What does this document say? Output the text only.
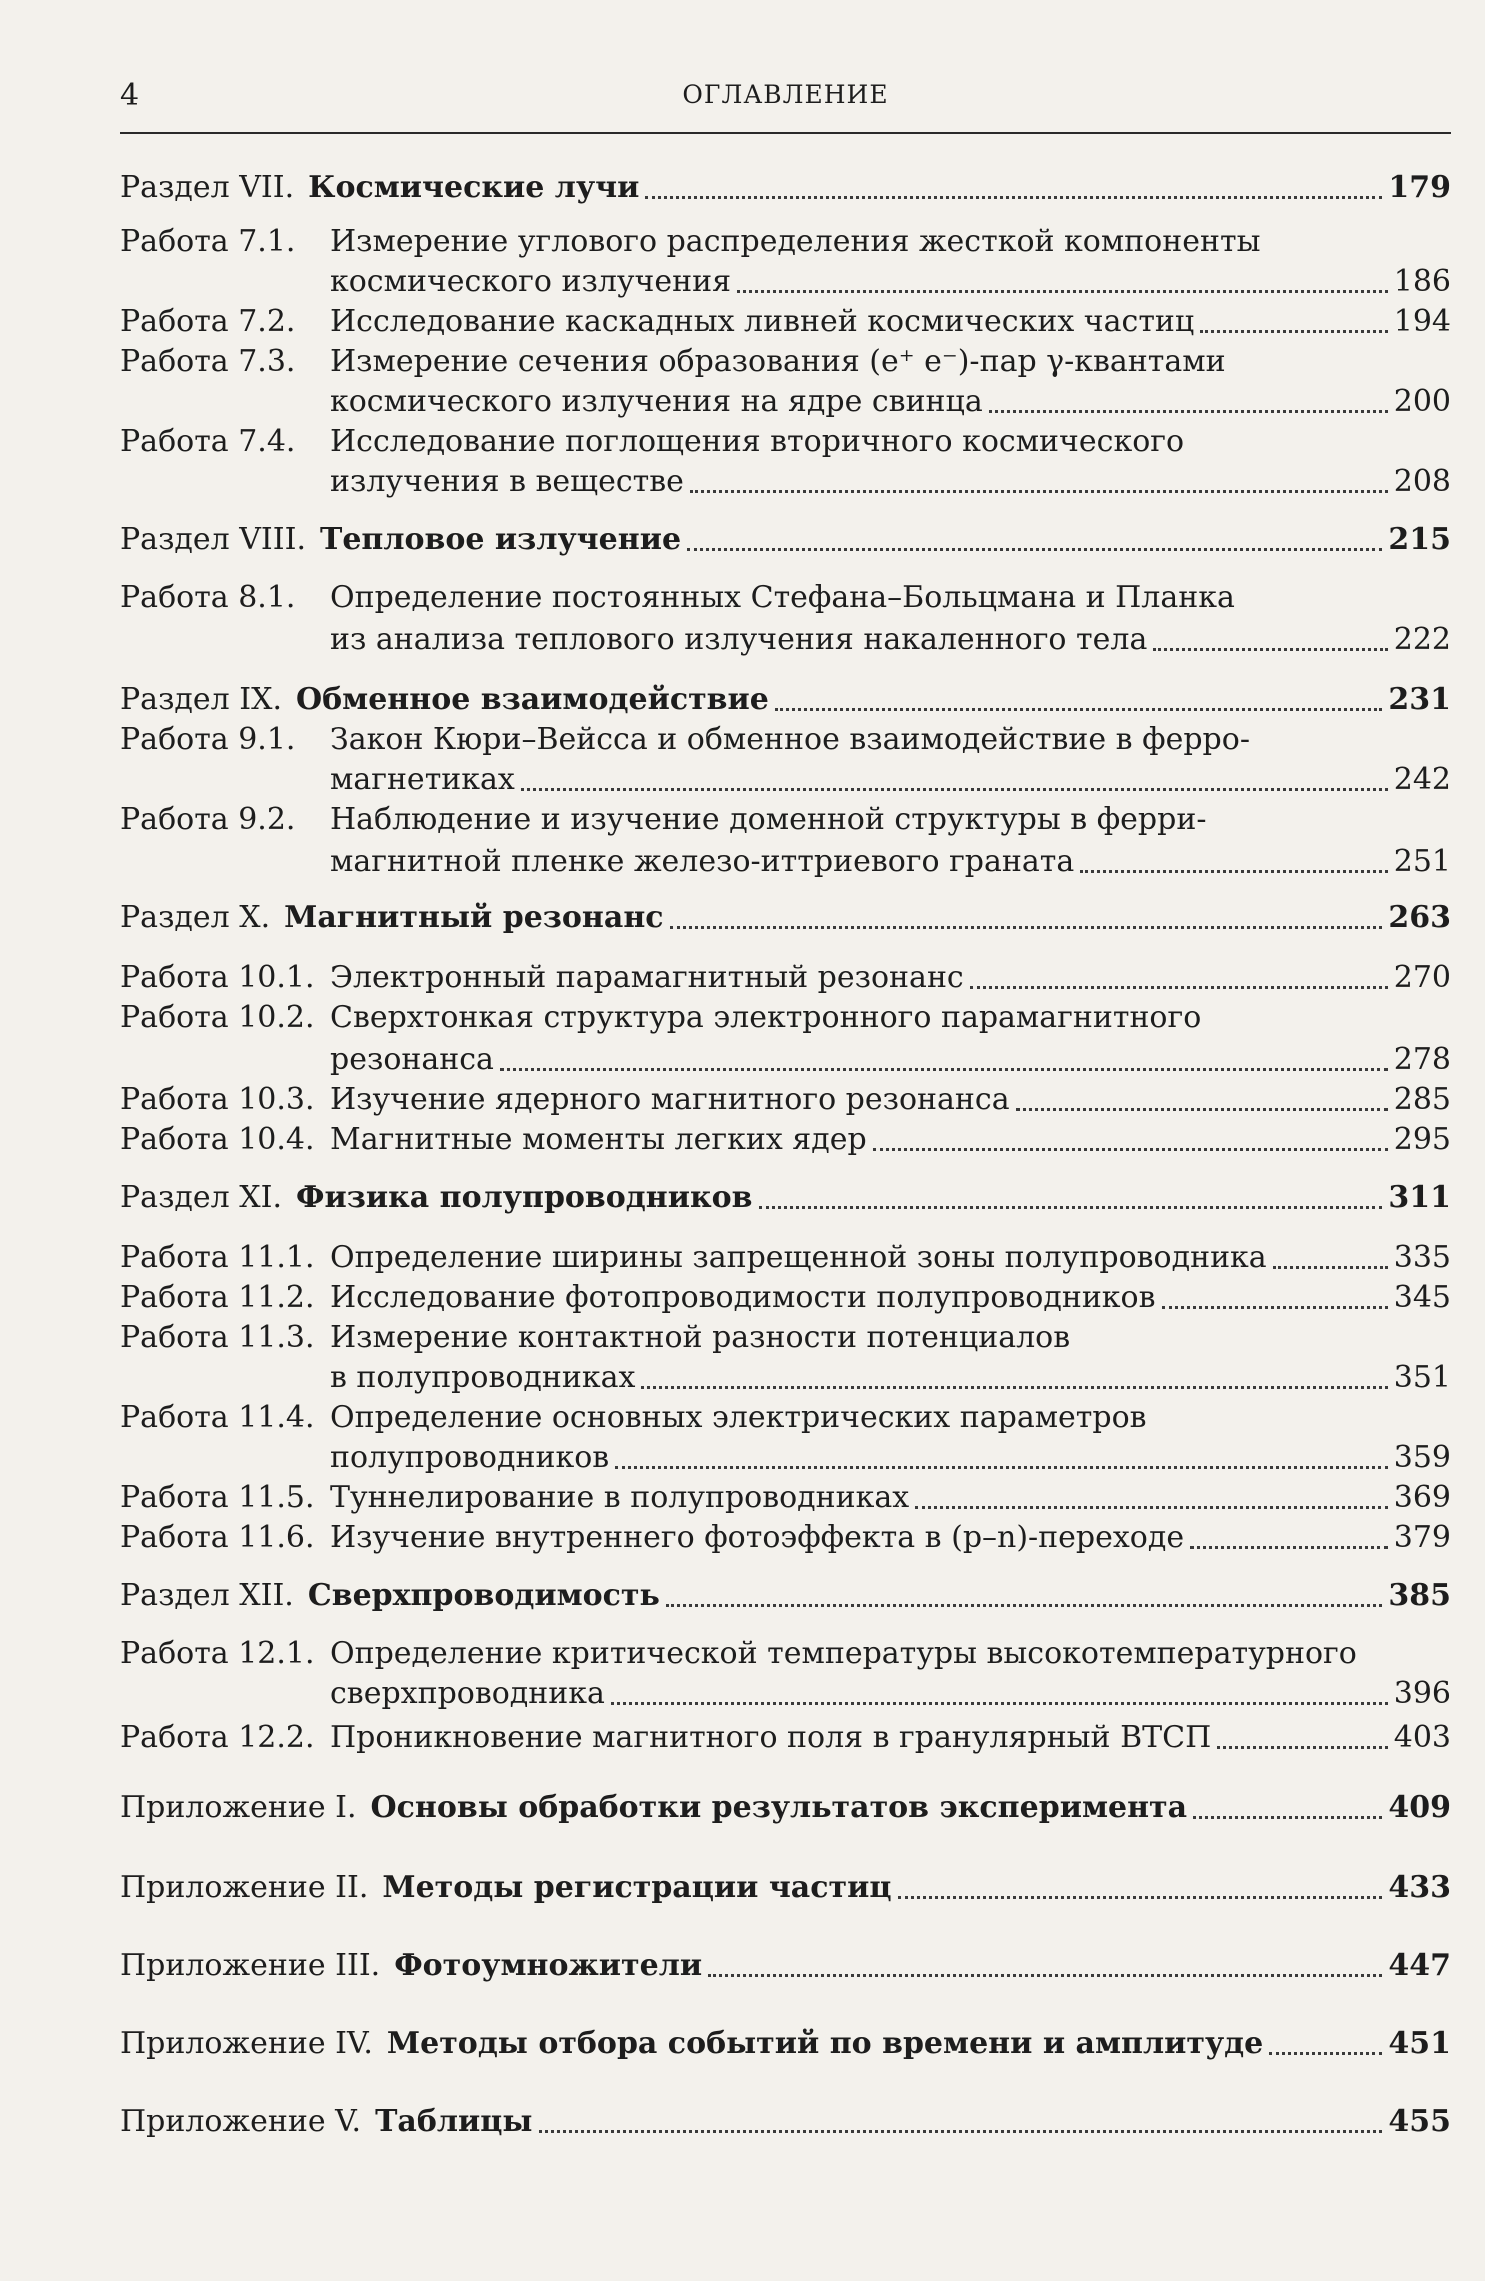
4	ОГЛАВЛЕНИЕ
Раздел VII. Космические лучи	179
Работа 7.1.	Измерение углового распределения жесткой компоненты
космического излучения	186
Работа 7.2.	Исследование каскадных ливней космических частиц	194
Работа 7.3.	Измерение сечения образования (e⁺ e⁻)-пар γ-квантами
космического излучения на ядре свинца	200
Работа 7.4.	Исследование поглощения вторичного космического
излучения в веществе	208
Раздел VIII. Тепловое излучение	215
Работа 8.1.	Определение постоянных Стефана–Больцмана и Планка
из анализа теплового излучения накаленного тела	222
Раздел IX. Обменное взаимодействие	231
Работа 9.1.	Закон Кюри–Вейсса и обменное взаимодействие в ферро-
магнетиках	242
Работа 9.2.	Наблюдение и изучение доменной структуры в ферри-
магнитной пленке железо-иттриевого граната	251
Раздел X. Магнитный резонанс	263
Работа 10.1. Электронный парамагнитный резонанс	270
Работа 10.2. Сверхтонкая структура электронного парамагнитного
резонанса	278
Работа 10.3. Изучение ядерного магнитного резонанса	285
Работа 10.4. Магнитные моменты легких ядер	295
Раздел XI. Физика полупроводников	311
Работа 11.1. Определение ширины запрещенной зоны полупроводника	335
Работа 11.2. Исследование фотопроводимости полупроводников	345
Работа 11.3. Измерение контактной разности потенциалов
в полупроводниках	351
Работа 11.4. Определение основных электрических параметров
полупроводников	359
Работа 11.5. Туннелирование в полупроводниках	369
Работа 11.6. Изучение внутреннего фотоэффекта в (p–n)-переходе	379
Раздел XII. Сверхпроводимость	385
Работа 12.1. Определение критической температуры высокотемпературного
сверхпроводника	396
Работа 12.2. Проникновение магнитного поля в гранулярный ВТСП	403
Приложение I. Основы обработки результатов эксперимента	409
Приложение II. Методы регистрации частиц	433
Приложение III. Фотоумножители	447
Приложение IV. Методы отбора событий по времени и амплитуде	451
Приложение V. Таблицы	455
